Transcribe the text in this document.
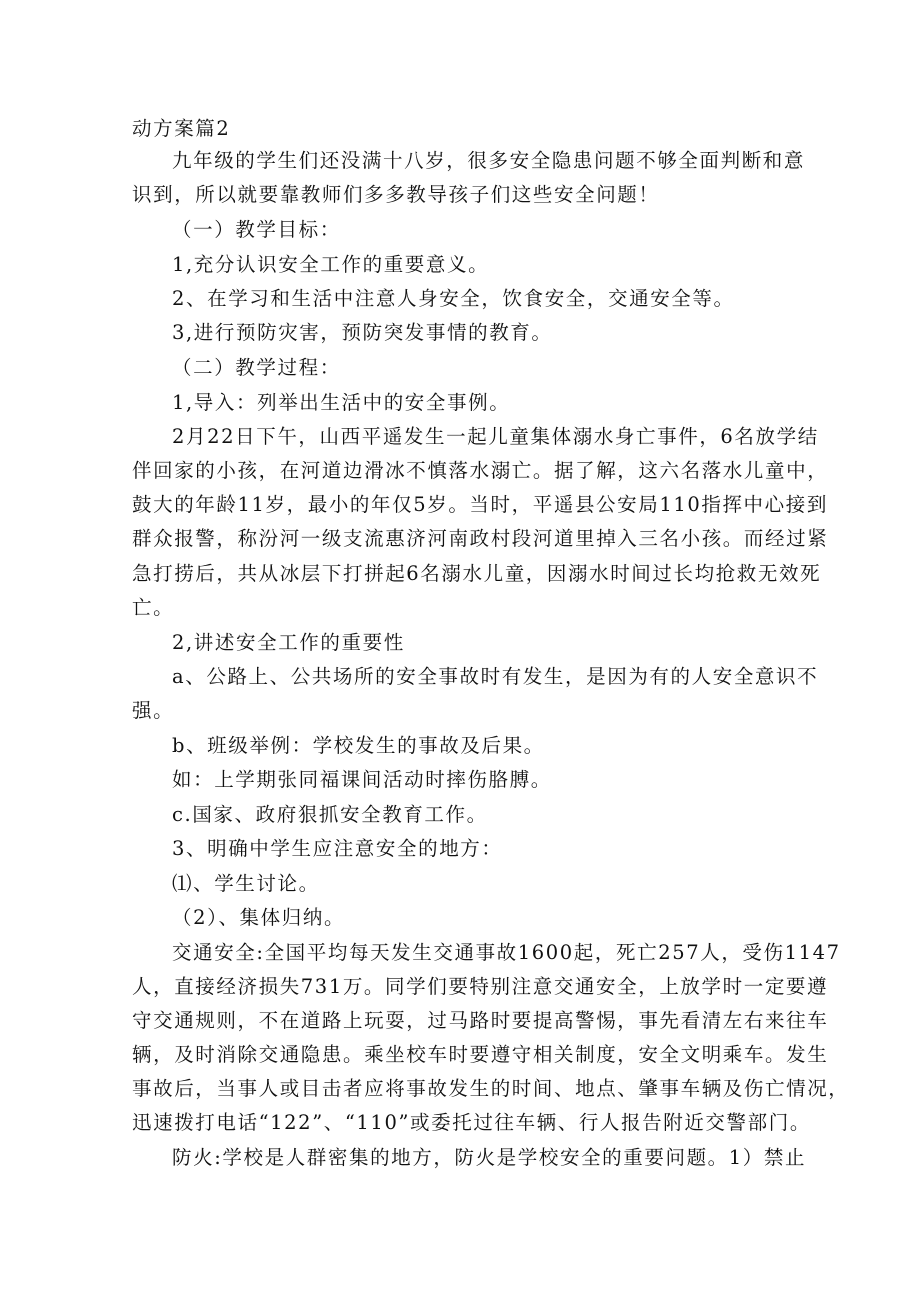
动方案篇2
九年级的学生们还没满十八岁，很多安全隐患问题不够全面判断和意
识到，所以就要靠教师们多多教导孩子们这些安全问题！
（一）教学目标：
1,充分认识安全工作的重要意义。
2、在学习和生活中注意人身安全，饮食安全，交通安全等。
3,进行预防灾害，预防突发事情的教育。
（二）教学过程：
1,导入：列举出生活中的安全事例。
2月22日下午，山西平遥发生一起儿童集体溺水身亡事件，6名放学结
伴回家的小孩，在河道边滑冰不慎落水溺亡。据了解，这六名落水儿童中，
鼓大的年龄11岁，最小的年仅5岁。当时，平遥县公安局110指挥中心接到
群众报警，称汾河一级支流惠济河南政村段河道里掉入三名小孩。而经过紧
急打捞后，共从冰层下打拼起6名溺水儿童，因溺水时间过长均抢救无效死
亡。
2,讲述安全工作的重要性
a、公路上、公共场所的安全事故时有发生，是因为有的人安全意识不
强。
b、班级举例：学校发生的事故及后果。
如：上学期张同福课间活动时摔伤胳膊。
c.国家、政府狠抓安全教育工作。
3、明确中学生应注意安全的地方：
⑴、学生讨论。
（2）、集体归纳。
交通安全:全国平均每天发生交通事故1600起，死亡257人，受伤1147
人，直接经济损失731万。同学们要特别注意交通安全，上放学时一定要遵
守交通规则，不在道路上玩耍，过马路时要提高警惕，事先看清左右来往车
辆，及时消除交通隐患。乘坐校车时要遵守相关制度，安全文明乘车。发生
事故后，当事人或目击者应将事故发生的时间、地点、肇事车辆及伤亡情况，
迅速拨打电话“122”、“110”或委托过往车辆、行人报告附近交警部门。
防火:学校是人群密集的地方，防火是学校安全的重要问题。1）禁止
